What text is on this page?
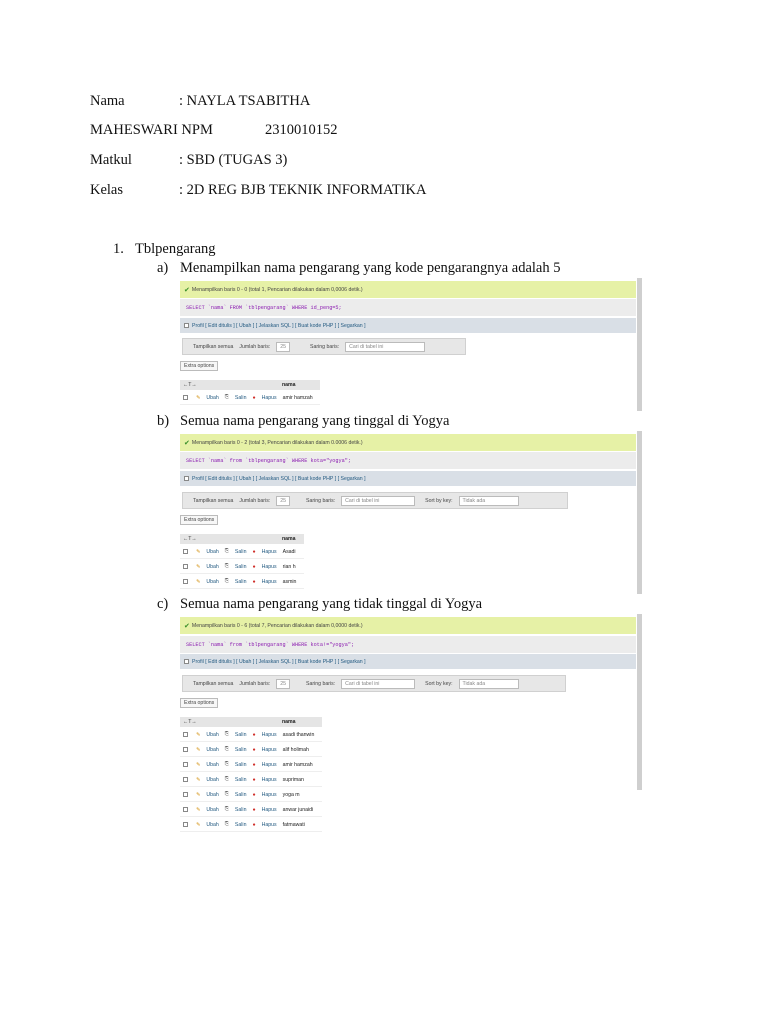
Nama	: NAYLA TSABITHA
MAHESWARI NPM	2310010152
Matkul	: SBD (TUGAS 3)
Kelas	: 2D REG BJB TEKNIK INFORMATIKA
1. Tblpengarang
a) Menampilkan nama pengarang yang kode pengarangnya adalah 5
✔ Menampilkan baris 0 - 0 (total 1, Pencarian dilakukan dalam 0,0006 detik.)
SELECT `nama` FROM `tblpengarang` WHERE id_peng=5;
Profil [ Edit ditulis ] [ Ubah ] [ Jelaskan SQL ] [ Buat kode PHP ] [ Segarkan ]
Tampilkan semua Jumlah baris:	25	Saring baris:	Cari di tabel ini
Extra options
←T→	nama
✎ Ubah ⎘ Salin ● Hapus amir hamzah
b) Semua nama pengarang yang tinggal di Yogya
✔ Menampilkan baris 0 - 2 (total 3, Pencarian dilakukan dalam 0.0006 detik.)
SELECT `nama` from `tblpengarang` WHERE kota="yogya";
Profil [ Edit ditulis ] [ Ubah ] [ Jelaskan SQL ] [ Buat kode PHP ] [ Segarkan ]
Tampilkan semua Jumlah baris:	25	Saring baris:	Cari di tabel ini	Sort by key:	Tidak ada
Extra options
←T→	nama
✎ Ubah ⎘ Salin ● Hapus Asadi
✎ Ubah ⎘ Salin ● Hapus rian h
✎ Ubah ⎘ Salin ● Hapus asmin
c) Semua nama pengarang yang tidak tinggal di Yogya
✔ Menampilkan baris 0 - 6 (total 7, Pencarian dilakukan dalam 0,0000 detik.)
SELECT `nama` from `tblpengarang` WHERE kota!="yogya";
Profil [ Edit ditulis ] [ Ubah ] [ Jelaskan SQL ] [ Buat kode PHP ] [ Segarkan ]
Tampilkan semua Jumlah baris:	25	Saring baris:	Cari di tabel ini	Sort by key:	Tidak ada
Extra options
←T→	nama
✎ Ubah ⎘ Salin ● Hapus asadi thanwin
✎ Ubah ⎘ Salin ● Hapus alif holimah
✎ Ubah ⎘ Salin ● Hapus amir hamzah
✎ Ubah ⎘ Salin ● Hapus supriman
✎ Ubah ⎘ Salin ● Hapus yoga m
✎ Ubah ⎘ Salin ● Hapus anwar junaidi
✎ Ubah ⎘ Salin ● Hapus fatmawati
